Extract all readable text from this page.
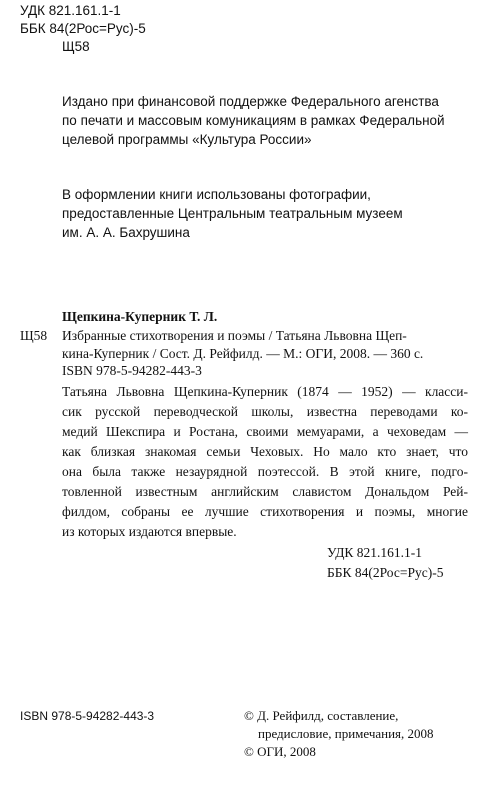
УДК 821.161.1-1
ББК 84(2Рос=Рус)-5
Щ58
Издано при финансовой поддержке Федерального агенства
по печати и массовым комуникациям в рамках Федеральной
целевой программы «Культура России»
В оформлении книги использованы фотографии,
предоставленные Центральным театральным музеем
им. А. А. Бахрушина
Щепкина-Куперник Т. Л.
Щ58 Избранные стихотворения и поэмы / Татьяна Львовна Щеп-
кина-Куперник / Сост. Д. Рейфилд. — М.: ОГИ, 2008. — 360 с.
ISBN 978-5-94282-443-3
Татьяна Львовна Щепкина-Куперник (1874 — 1952) — класси-
сик русской переводческой школы, известна переводами ко-
медий Шекспира и Ростана, своими мемуарами, а чеховедам —
как близкая знакомая семьи Чеховых. Но мало кто знает, что
она была также незаурядной поэтессой. В этой книге, подго-
товленной известным английским славистом Дональдом Рей-
филдом, собраны ее лучшие стихотворения и поэмы, многие
из которых издаются впервые.
УДК 821.161.1-1
ББК 84(2Рос=Рус)-5
ISBN 978-5-94282-443-3	© Д. Рейфилд, составление,
предисловие, примечания, 2008
© ОГИ, 2008
